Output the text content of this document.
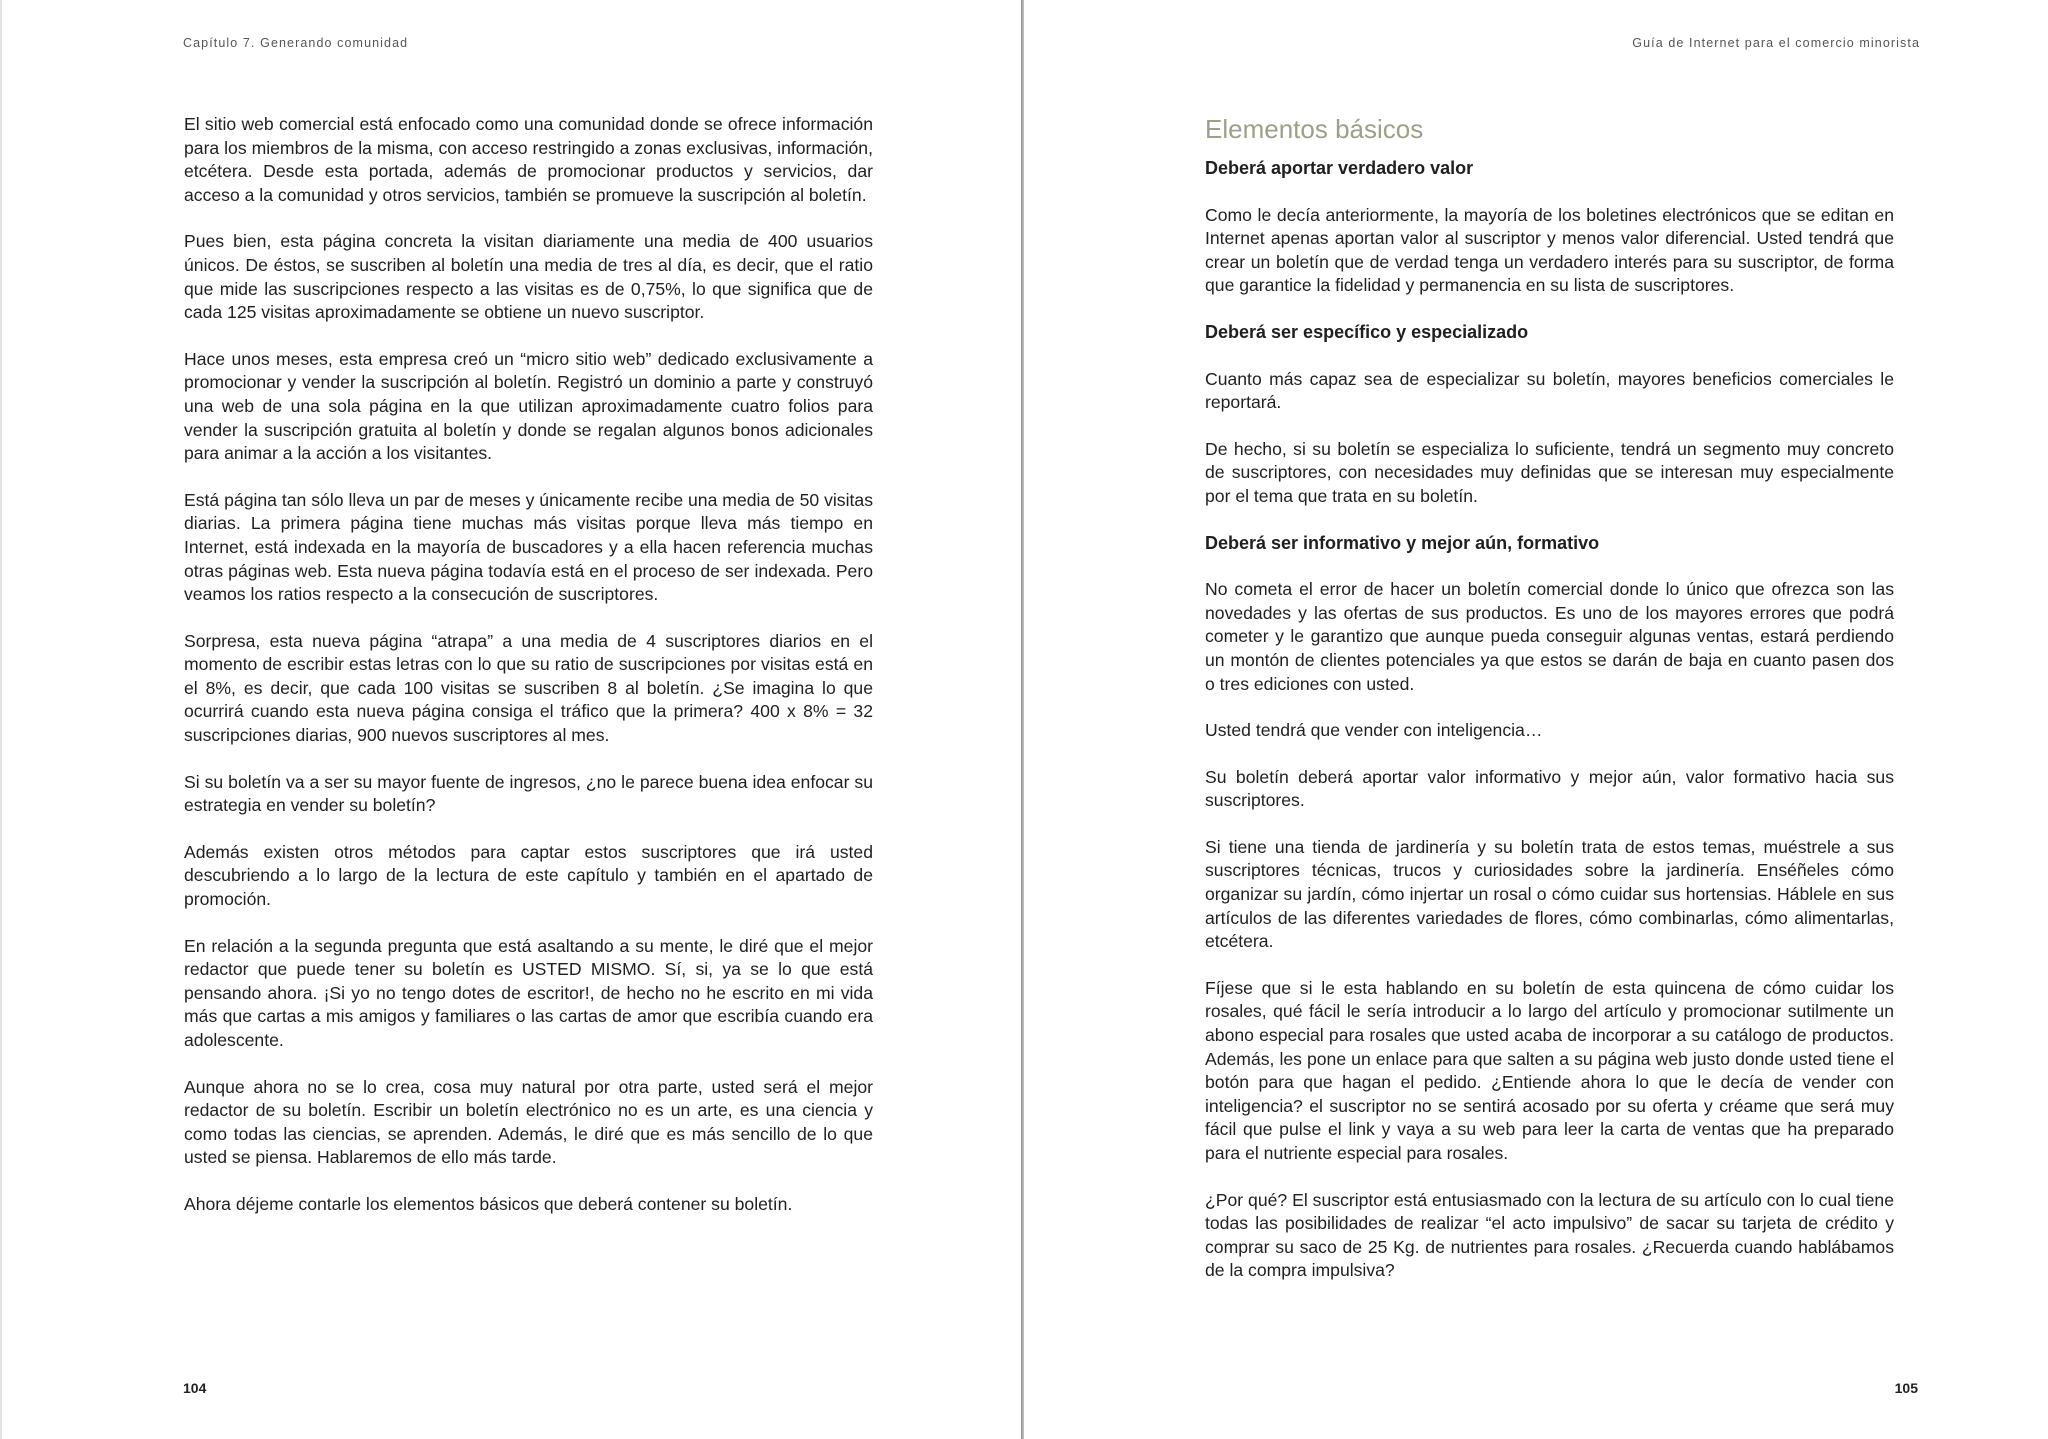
Capítulo 7. Generando comunidad

El sitio web comercial está enfocado como una comunidad donde se ofrece información para los miembros de la misma, con acceso restringido a zonas exclusivas, información, etcétera. Desde esta portada, además de promocionar productos y servicios, dar acceso a la comunidad y otros servicios, también se promueve la suscripción al boletín.

Pues bien, esta página concreta la visitan diariamente una media de 400 usuarios únicos. De éstos, se suscriben al boletín una media de tres al día, es decir, que el ratio que mide las suscripciones respecto a las visitas es de 0,75%, lo que significa que de cada 125 visitas aproximadamente se obtiene un nuevo suscriptor.

Hace unos meses, esta empresa creó un “micro sitio web” dedicado exclusivamente a promocionar y vender la suscripción al boletín. Registró un dominio a parte y construyó una web de una sola página en la que utilizan aproximadamente cuatro folios para vender la suscripción gratuita al boletín y donde se regalan algunos bonos adicionales para animar a la acción a los visitantes.

Está página tan sólo lleva un par de meses y únicamente recibe una media de 50 visitas diarias. La primera página tiene muchas más visitas porque lleva más tiempo en Internet, está indexada en la mayoría de buscadores y a ella hacen referencia muchas otras páginas web. Esta nueva página todavía está en el proceso de ser indexada. Pero veamos los ratios respecto a la consecución de suscriptores.

Sorpresa, esta nueva página “atrapa” a una media de 4 suscriptores diarios en el momento de escribir estas letras con lo que su ratio de suscripciones por visitas está en el 8%, es decir, que cada 100 visitas se suscriben 8 al boletín. ¿Se imagina lo que ocurrirá cuando esta nueva página consiga el tráfico que la primera? 400 x 8% = 32 suscripciones diarias, 900 nuevos suscriptores al mes.

Si su boletín va a ser su mayor fuente de ingresos, ¿no le parece buena idea enfocar su estrategia en vender su boletín?

Además existen otros métodos para captar estos suscriptores que irá usted descubriendo a lo largo de la lectura de este capítulo y también en el apartado de promoción.

En relación a la segunda pregunta que está asaltando a su mente, le diré que el mejor redactor que puede tener su boletín es USTED MISMO. Sí, si, ya se lo que está pensando ahora. ¡Si yo no tengo dotes de escritor!, de hecho no he escrito en mi vida más que cartas a mis amigos y familiares o las cartas de amor que escribía cuando era adolescente.

Aunque ahora no se lo crea, cosa muy natural por otra parte, usted será el mejor redactor de su boletín. Escribir un boletín electrónico no es un arte, es una ciencia y como todas las ciencias, se aprenden. Además, le diré que es más sencillo de lo que usted se piensa. Hablaremos de ello más tarde.

Ahora déjeme contarle los elementos básicos que deberá contener su boletín.

104
Guía de Internet para el comercio minorista
Elementos básicos
Deberá aportar verdadero valor

Como le decía anteriormente, la mayoría de los boletines electrónicos que se editan en Internet apenas aportan valor al suscriptor y menos valor diferencial. Usted tendrá que crear un boletín que de verdad tenga un verdadero interés para su suscriptor, de forma que garantice la fidelidad y permanencia en su lista de suscriptores.

Deberá ser específico y especializado

Cuanto más capaz sea de especializar su boletín, mayores beneficios comerciales le reportará.

De hecho, si su boletín se especializa lo suficiente, tendrá un segmento muy concreto de suscriptores, con necesidades muy definidas que se interesan muy especialmente por el tema que trata en su boletín.

Deberá ser informativo y mejor aún, formativo

No cometa el error de hacer un boletín comercial donde lo único que ofrezca son las novedades y las ofertas de sus productos. Es uno de los mayores errores que podrá cometer y le garantizo que aunque pueda conseguir algunas ventas, estará perdiendo un montón de clientes potenciales ya que estos se darán de baja en cuanto pasen dos o tres ediciones con usted.

Usted tendrá que vender con inteligencia…

Su boletín deberá aportar valor informativo y mejor aún, valor formativo hacia sus suscriptores.

Si tiene una tienda de jardinería y su boletín trata de estos temas, muéstrele a sus suscriptores técnicas, trucos y curiosidades sobre la jardinería. Enséñeles cómo organizar su jardín, cómo injertar un rosal o cómo cuidar sus hortensias. Háblele en sus artículos de las diferentes variedades de flores, cómo combinarlas, cómo alimentarlas, etcétera.

Fíjese que si le esta hablando en su boletín de esta quincena de cómo cuidar los rosales, qué fácil le sería introducir a lo largo del artículo y promocionar sutilmente un abono especial para rosales que usted acaba de incorporar a su catálogo de productos. Además, les pone un enlace para que salten a su página web justo donde usted tiene el botón para que hagan el pedido. ¿Entiende ahora lo que le decía de vender con inteligencia? el suscriptor no se sentirá acosado por su oferta y créame que será muy fácil que pulse el link y vaya a su web para leer la carta de ventas que ha preparado para el nutriente especial para rosales.

¿Por qué? El suscriptor está entusiasmado con la lectura de su artículo con lo cual tiene todas las posibilidades de realizar “el acto impulsivo” de sacar su tarjeta de crédito y comprar su saco de 25 Kg. de nutrientes para rosales. ¿Recuerda cuando hablábamos de la compra impulsiva?

105
